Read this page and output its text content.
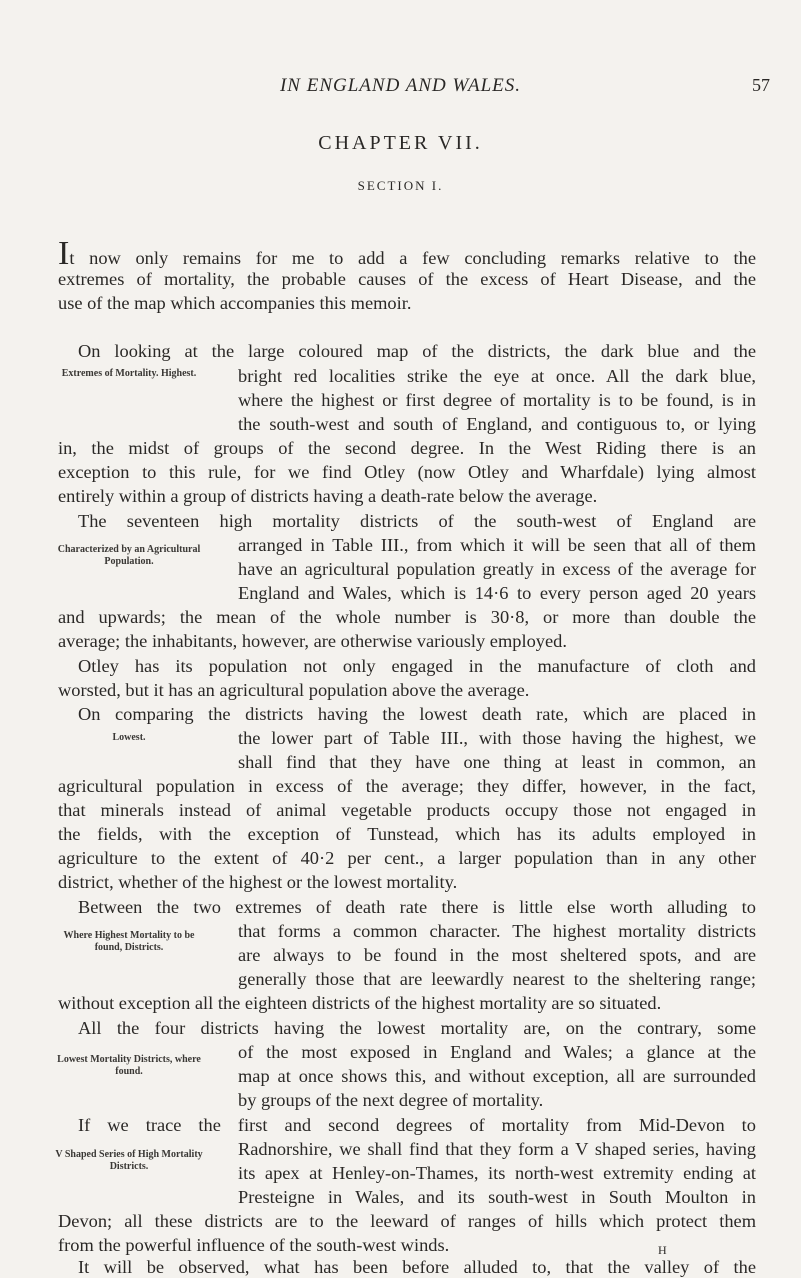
IN ENGLAND AND WALES.	57
CHAPTER VII.
SECTION I.
It now only remains for me to add a few concluding remarks relative to the
extremes of mortality, the probable causes of the excess of Heart Disease, and the
use of the map which accompanies this memoir.
On looking at the large coloured map of the districts, the dark blue and the
bright red localities strike the eye at once. All the dark blue,
where the highest or first degree of mortality is to be found, is in
the south-west and south of England, and contiguous to, or lying
in, the midst of groups of the second degree. In the West Riding there is an
exception to this rule, for we find Otley (now Otley and Wharfdale) lying almost
entirely within a group of districts having a death-rate below the average.
The seventeen high mortality districts of the south-west of England are
arranged in Table III., from which it will be seen that all of them
have an agricultural population greatly in excess of the average for
England and Wales, which is 14·6 to every person aged 20 years
and upwards; the mean of the whole number is 30·8, or more than double the
average; the inhabitants, however, are otherwise variously employed.
Otley has its population not only engaged in the manufacture of cloth and
worsted, but it has an agricultural population above the average.
On comparing the districts having the lowest death rate, which are placed in
the lower part of Table III., with those having the highest, we
shall find that they have one thing at least in common, an
agricultural population in excess of the average; they differ, however, in the fact,
that minerals instead of animal vegetable products occupy those not engaged in
the fields, with the exception of Tunstead, which has its adults employed in
agriculture to the extent of 40·2 per cent., a larger population than in any other
district, whether of the highest or the lowest mortality.
Between the two extremes of death rate there is little else worth alluding to
that forms a common character. The highest mortality districts
are always to be found in the most sheltered spots, and are
generally those that are leewardly nearest to the sheltering range;
without exception all the eighteen districts of the highest mortality are so situated.
All the four districts having the lowest mortality are, on the contrary, some
of the most exposed in England and Wales; a glance at the
map at once shows this, and without exception, all are surrounded
by groups of the next degree of mortality.
If we trace the first and second degrees of mortality from Mid-Devon to
Radnorshire, we shall find that they form a V shaped series, having
its apex at Henley-on-Thames, its north-west extremity ending at
Presteigne in Wales, and its south-west in South Moulton in
Devon; all these districts are to the leeward of ranges of hills which protect them
from the powerful influence of the south-west winds.
It will be observed, what has been before alluded to, that the valley of the
Extremes of Mortality. Highest.
Characterized by an Agricultural Population.
Lowest.
Where Highest Mortality to be found, Districts.
Lowest Mortality Districts, where found.
V Shaped Series of High Mortality Districts.
H
